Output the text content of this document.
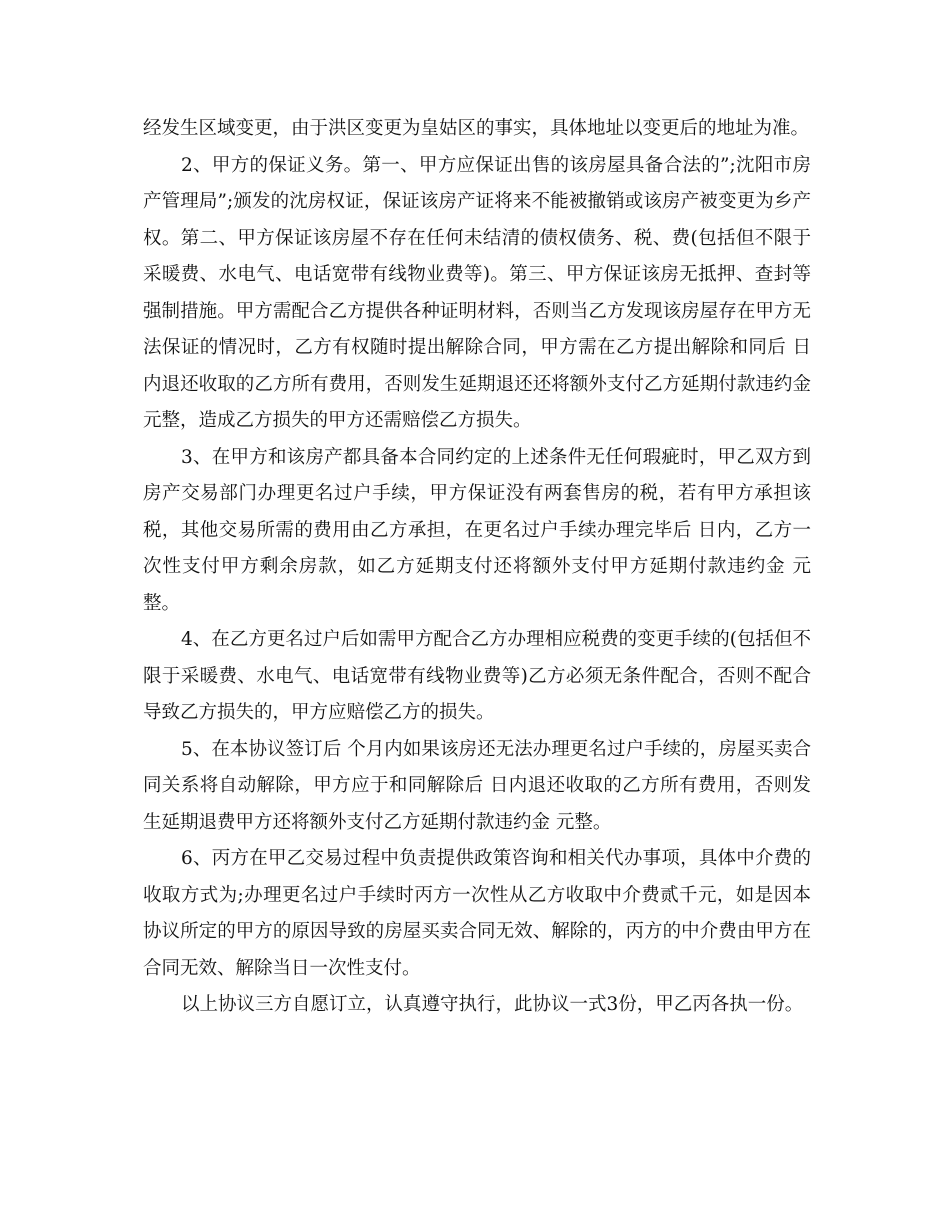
经发生区域变更，由于洪区变更为皇姑区的事实，具体地址以变更后的地址为准。

2、甲方的保证义务。第一、甲方应保证出售的该房屋具备合法的”;沈阳市房产管理局”;颁发的沈房权证，保证该房产证将来不能被撤销或该房产被变更为乡产权。第二、甲方保证该房屋不存在任何未结清的债权债务、税、费(包括但不限于采暖费、水电气、电话宽带有线物业费等)。第三、甲方保证该房无抵押、查封等强制措施。甲方需配合乙方提供各种证明材料，否则当乙方发现该房屋存在甲方无法保证的情况时，乙方有权随时提出解除合同，甲方需在乙方提出解除和同后 日内退还收取的乙方所有费用，否则发生延期退还还将额外支付乙方延期付款违约金 元整，造成乙方损失的甲方还需赔偿乙方损失。

3、在甲方和该房产都具备本合同约定的上述条件无任何瑕疵时，甲乙双方到房产交易部门办理更名过户手续，甲方保证没有两套售房的税，若有甲方承担该税，其他交易所需的费用由乙方承担，在更名过户手续办理完毕后 日内，乙方一次性支付甲方剩余房款，如乙方延期支付还将额外支付甲方延期付款违约金 元整。

4、在乙方更名过户后如需甲方配合乙方办理相应税费的变更手续的(包括但不限于采暖费、水电气、电话宽带有线物业费等)乙方必须无条件配合，否则不配合导致乙方损失的，甲方应赔偿乙方的损失。

5、在本协议签订后 个月内如果该房还无法办理更名过户手续的，房屋买卖合同关系将自动解除，甲方应于和同解除后 日内退还收取的乙方所有费用，否则发生延期退费甲方还将额外支付乙方延期付款违约金 元整。

6、丙方在甲乙交易过程中负责提供政策咨询和相关代办事项，具体中介费的收取方式为;办理更名过户手续时丙方一次性从乙方收取中介费贰千元，如是因本协议所定的甲方的原因导致的房屋买卖合同无效、解除的，丙方的中介费由甲方在合同无效、解除当日一次性支付。

以上协议三方自愿订立，认真遵守执行，此协议一式3份，甲乙丙各执一份。
